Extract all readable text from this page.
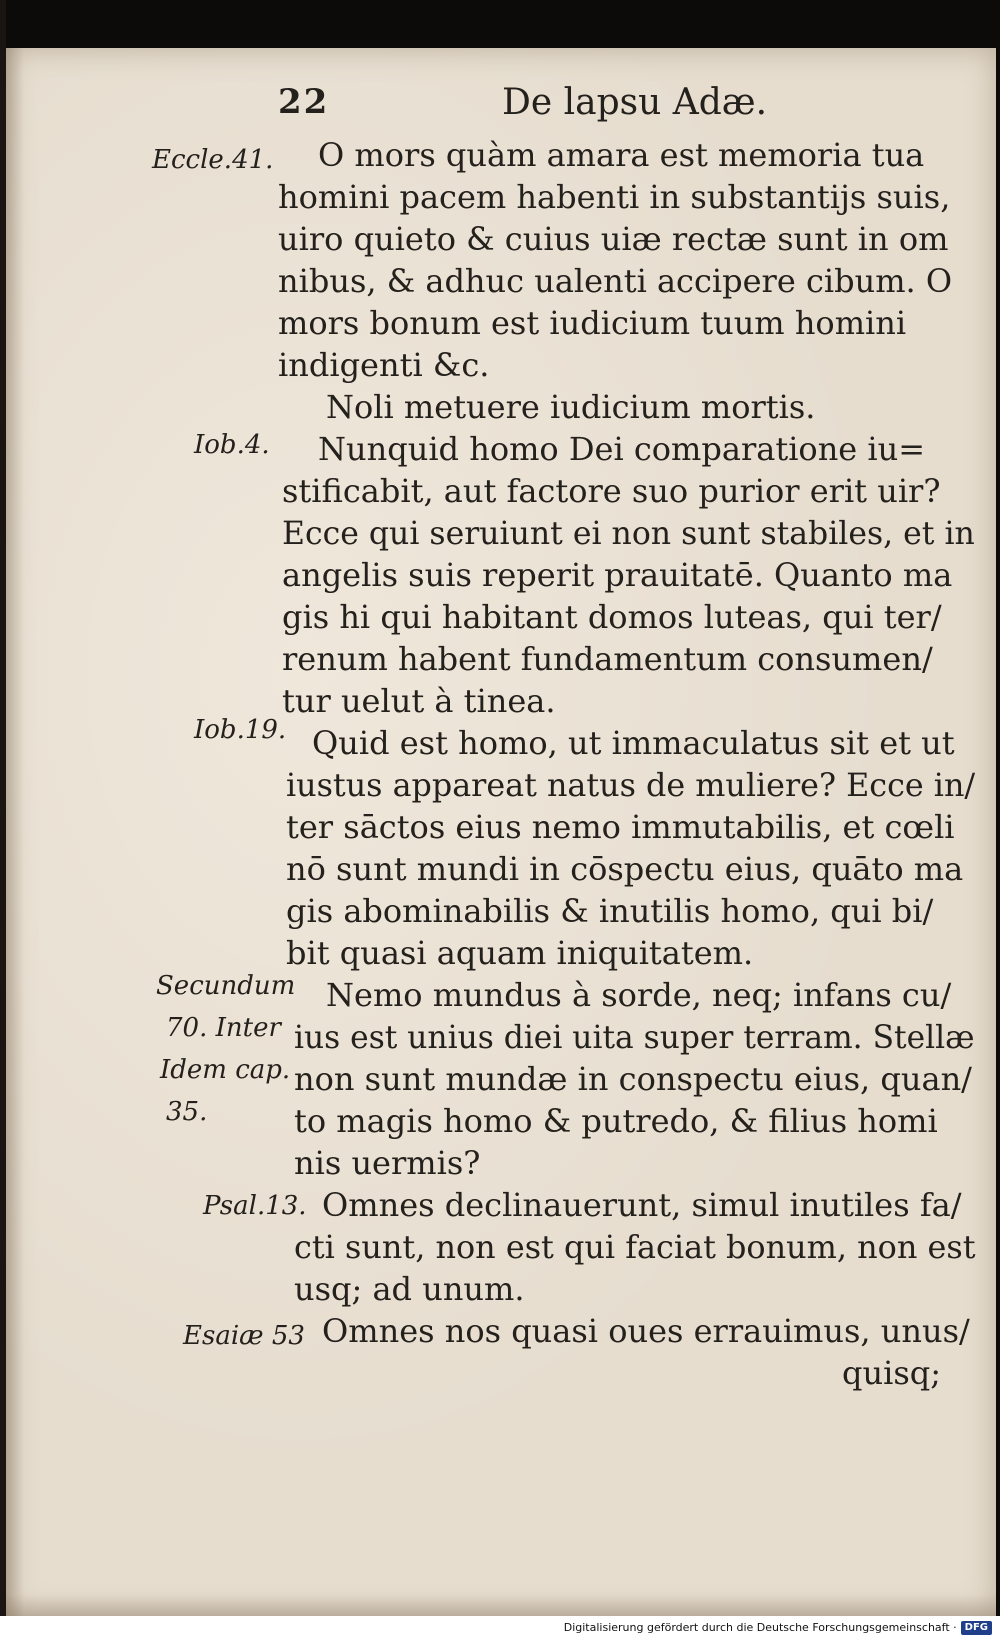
22	De lapsu Adæ.
Eccle.41.
Iob.4.
Iob.19.
Secundum
70. Inter
Idem cap.
35.
Psal.13.
Esaiæ 53
O mors quàm amara est memoria tua
homini pacem habenti in substantijs suis,
uiro quieto & cuius uiæ rectæ sunt in om
nibus, & adhuc ualenti accipere cibum. O
mors bonum est iudicium tuum homini
indigenti &c.
Noli metuere iudicium mortis.
Nunquid homo Dei comparatione iu=
stificabit, aut factore suo purior erit uir?
Ecce qui seruiunt ei non sunt stabiles, et in
angelis suis reperit prauitatē. Quanto ma
gis hi qui habitant domos luteas, qui ter/
renum habent fundamentum consumen/
tur uelut à tinea.
Quid est homo, ut immaculatus sit et ut
iustus appareat natus de muliere? Ecce in/
ter sāctos eius nemo immutabilis, et cœli
nō sunt mundi in cōspectu eius, quāto ma
gis abominabilis & inutilis homo, qui bi/
bit quasi aquam iniquitatem.
Nemo mundus à sorde, neq; infans cu/
ius est unius diei uita super terram. Stellæ
non sunt mundæ in conspectu eius, quan/
to magis homo & putredo, & filius homi
nis uermis?
Omnes declinauerunt, simul inutiles fa/
cti sunt, non est qui faciat bonum, non est
usq; ad unum.
Omnes nos quasi oues errauimus, unus/
quisq;
Digitalisierung gefördert durch die Deutsche Forschungsgemeinschaft · DFG
